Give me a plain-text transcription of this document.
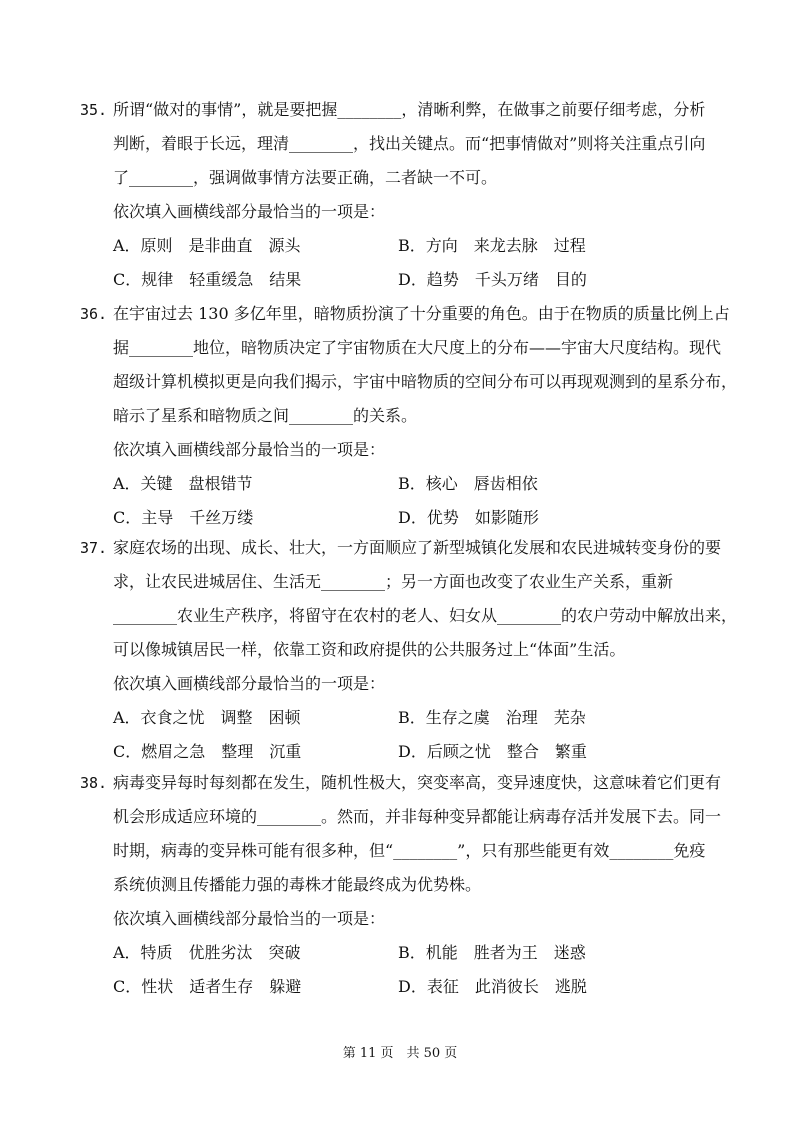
35. 所谓“做对的事情”，就是要把握________，清晰利弊，在做事之前要仔细考虑，分析
判断，着眼于长远，理清________，找出关键点。而“把事情做对”则将关注重点引向
了________，强调做事情方法要正确，二者缺一不可。
依次填入画横线部分最恰当的一项是：
A．原则　是非曲直　源头	B．方向　来龙去脉　过程
C．规律　轻重缓急　结果	D．趋势　千头万绪　目的
36. 在宇宙过去 130 多亿年里，暗物质扮演了十分重要的角色。由于在物质的质量比例上占
据________地位，暗物质决定了宇宙物质在大尺度上的分布——宇宙大尺度结构。现代
超级计算机模拟更是向我们揭示，宇宙中暗物质的空间分布可以再现观测到的星系分布，
暗示了星系和暗物质之间________的关系。
依次填入画横线部分最恰当的一项是：
A．关键　盘根错节	B．核心　唇齿相依
C．主导　千丝万缕	D．优势　如影随形
37. 家庭农场的出现、成长、壮大，一方面顺应了新型城镇化发展和农民进城转变身份的要
求，让农民进城居住、生活无________；另一方面也改变了农业生产关系，重新
________农业生产秩序，将留守在农村的老人、妇女从________的农户劳动中解放出来，
可以像城镇居民一样，依靠工资和政府提供的公共服务过上“体面”生活。
依次填入画横线部分最恰当的一项是：
A．衣食之忧　调整　困顿	B．生存之虞　治理　芜杂
C．燃眉之急　整理　沉重	D．后顾之忧　整合　繁重
38. 病毒变异每时每刻都在发生，随机性极大，突变率高，变异速度快，这意味着它们更有
机会形成适应环境的________。然而，并非每种变异都能让病毒存活并发展下去。同一
时期，病毒的变异株可能有很多种，但“________”，只有那些能更有效________免疫
系统侦测且传播能力强的毒株才能最终成为优势株。
依次填入画横线部分最恰当的一项是：
A．特质　优胜劣汰　突破	B．机能　胜者为王　迷惑
C．性状　适者生存　躲避	D．表征　此消彼长　逃脱
第 11 页　共 50 页
